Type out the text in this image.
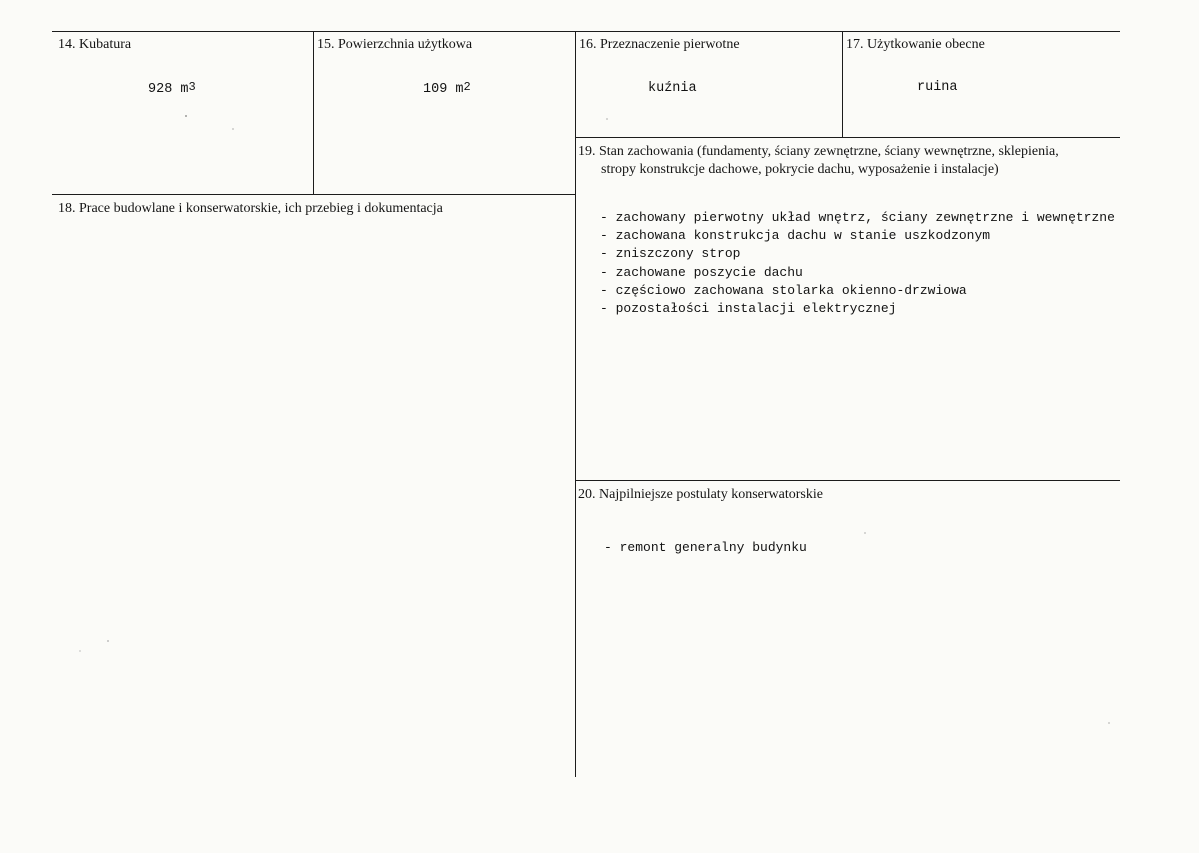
14. Kubatura
928 $m^3$
15. Powierzchnia użytkowa
109 $m^2$
16. Przeznaczenie pierwotne
kuźnia
17. Użytkowanie obecne
ruina
18. Prace budowlane i konserwatorskie, ich przebieg i dokumentacja
19. Stan zachowania (fundamenty, ściany zewnętrzne, ściany wewnętrzne, sklepienia,
stropy konstrukcje dachowe, pokrycie dachu, wyposażenie i instalacje)
- zachowany pierwotny układ wnętrz, ściany zewnętrzne i wewnętrzne
- zachowana konstrukcja dachu w stanie uszkodzonym
- zniszczony strop
- zachowane poszycie dachu
- częściowo zachowana stolarka okienno-drzwiowa
- pozostałości instalacji elektrycznej
20. Najpilniejsze postulaty konserwatorskie
- remont generalny budynku
